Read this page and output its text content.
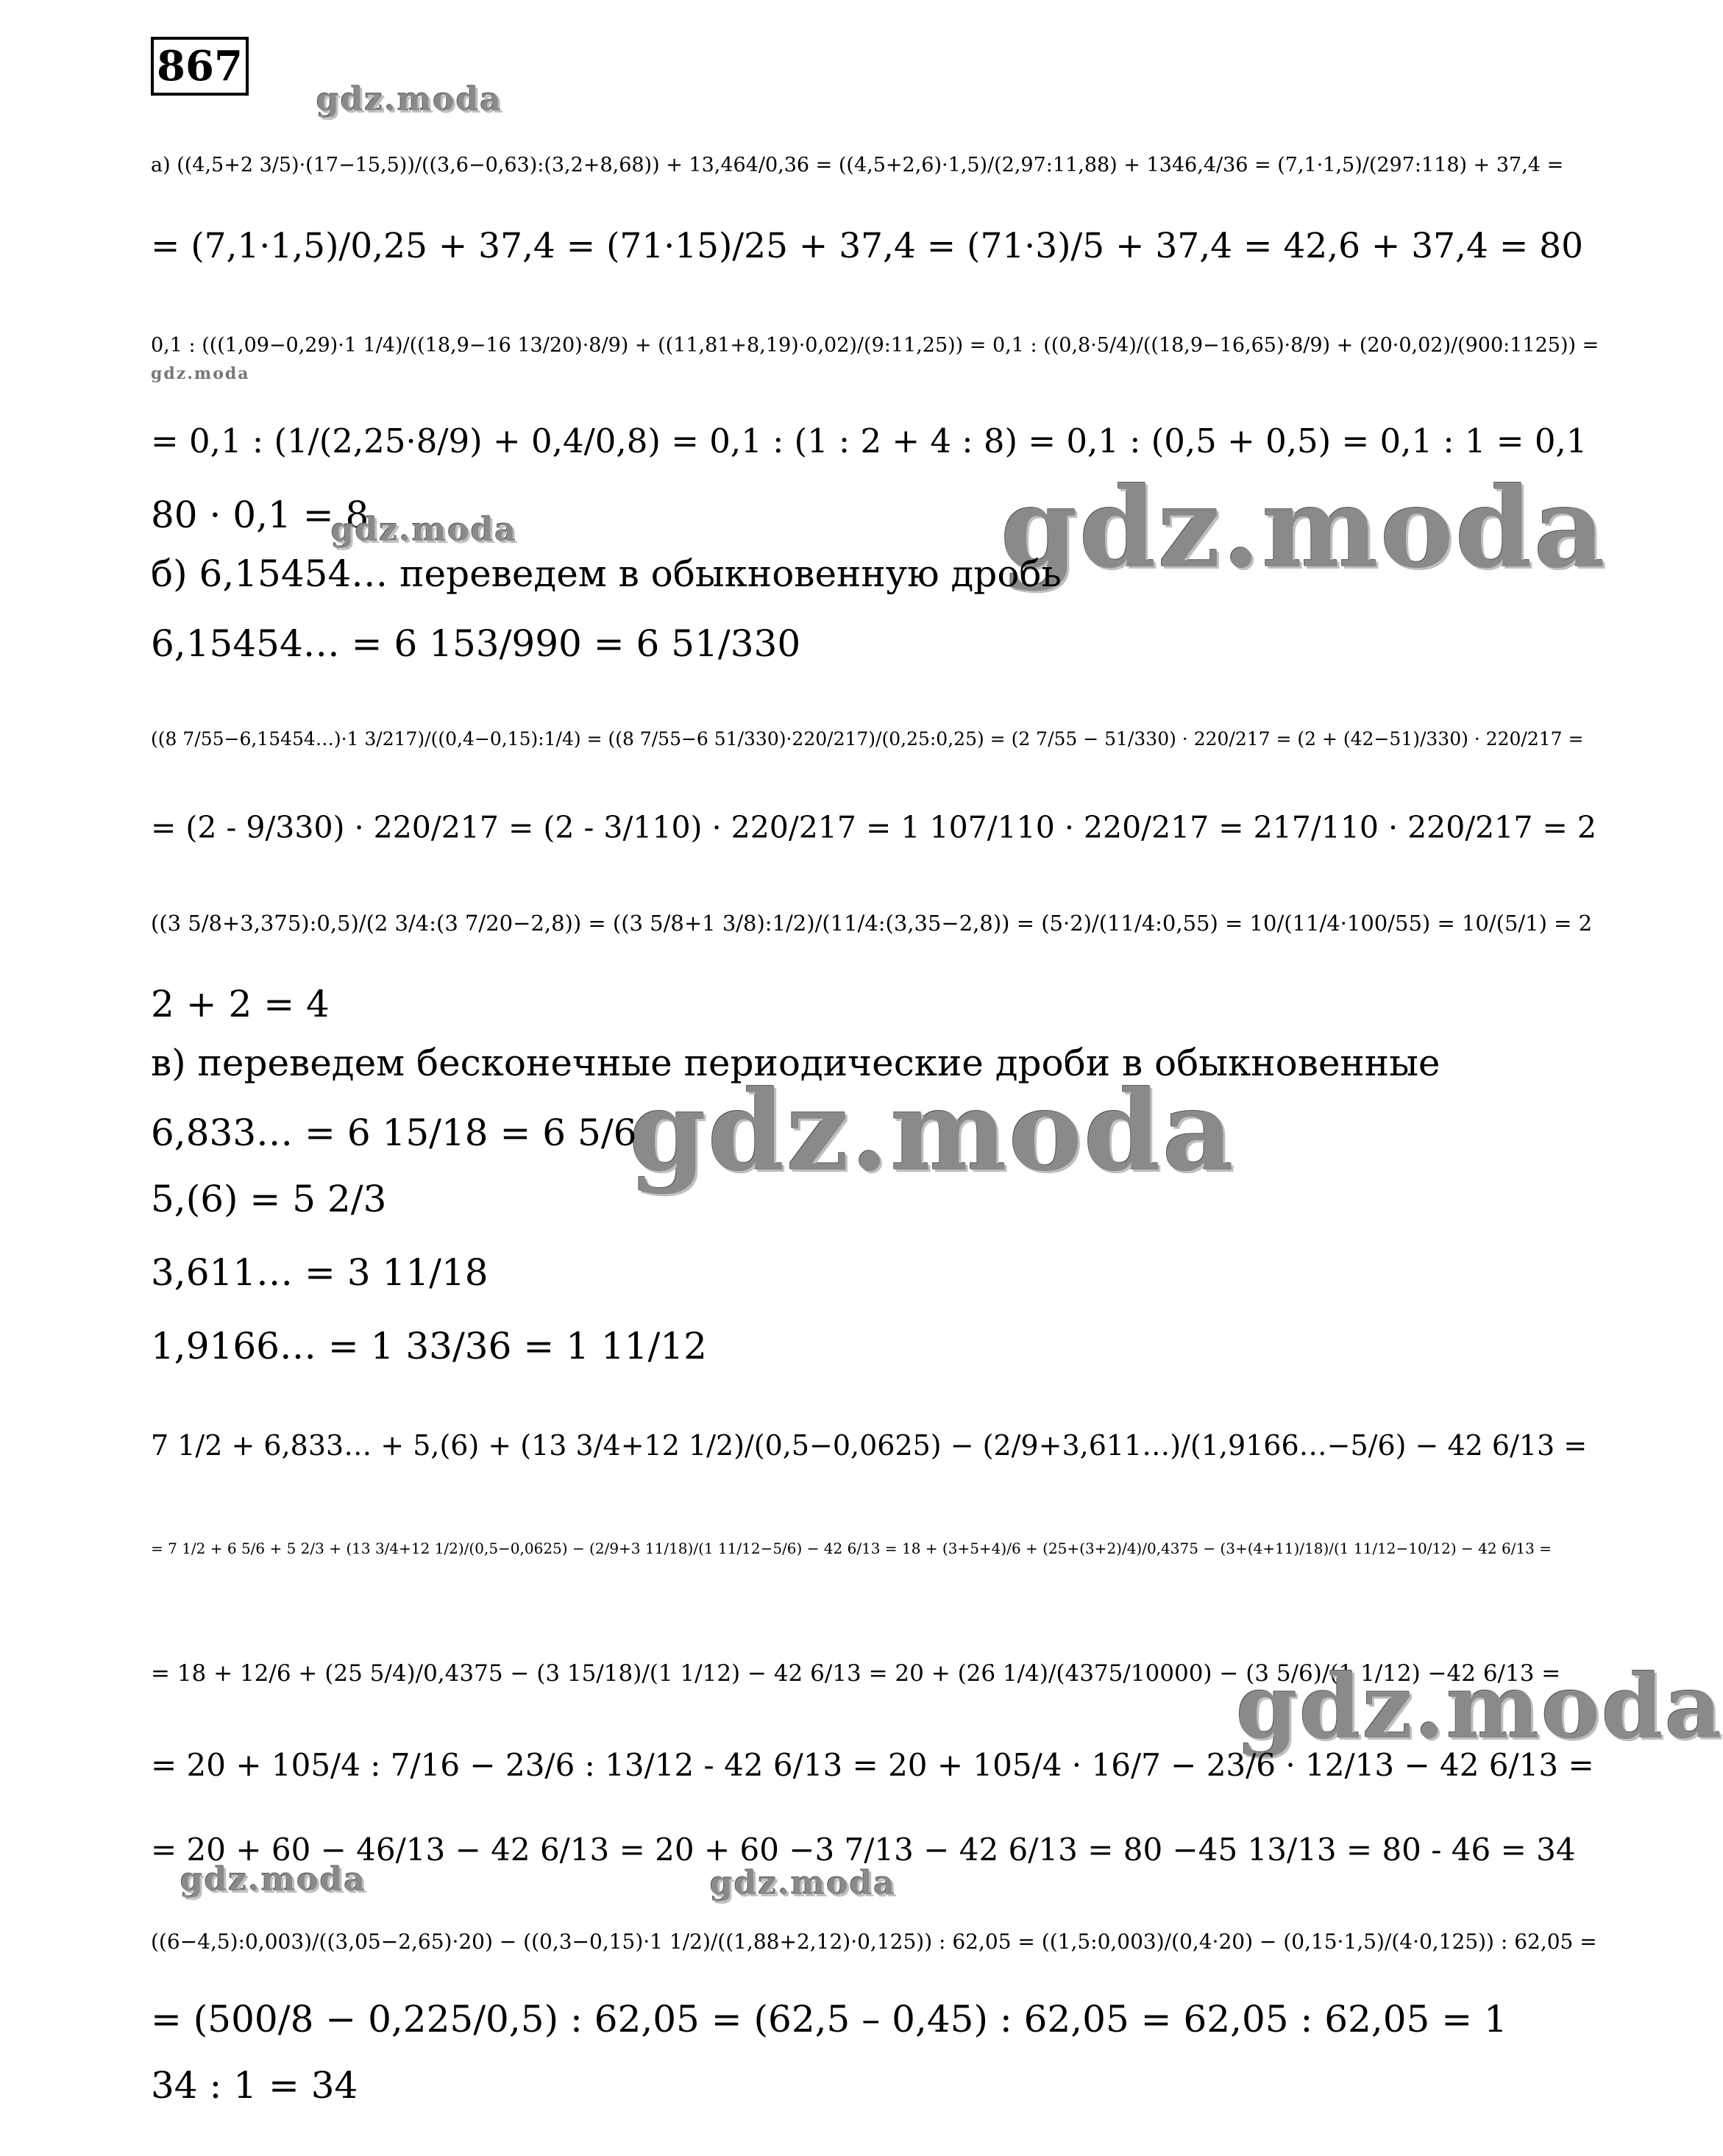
867
gdz.moda
а) ((4,5+2 3/5)·(17−15,5))/((3,6−0,63):(3,2+8,68)) + 13,464/0,36 = ((4,5+2,6)·1,5)/(2,97:11,88) + 1346,4/36 = (7,1·1,5)/(297:118) + 37,4 =
= (7,1·1,5)/0,25 + 37,4 = (71·15)/25 + 37,4 = (71·3)/5 + 37,4 = 42,6 + 37,4 = 80
0,1 : (((1,09−0,29)·1 1/4)/((18,9−16 13/20)·8/9) + ((11,81+8,19)·0,02)/(9:11,25)) = 0,1 : ((0,8·5/4)/((18,9−16,65)·8/9) + (20·0,02)/(900:1125)) =
= 0,1 : (1/(2,25·8/9) + 0,4/0,8) = 0,1 : (1 : 2 + 4 : 8) = 0,1 : (0,5 + 0,5) = 0,1 : 1 = 0,1
80 · 0,1 = 8	gdz.moda
gdz.moda
б) 6,15454… переведем в обыкновенную дробь
6,15454… = 6 153/990 = 6 51/330
((8 7/55−6,15454…)·1 3/217)/((0,4−0,15):1/4) = ((8 7/55−6 51/330)·220/217)/(0,25:0,25) = (2 7/55 − 51/330) · 220/217 = (2 + (42−51)/330) · 220/217 =
= (2 - 9/330) · 220/217 = (2 - 3/110) · 220/217 = 1 107/110 · 220/217 = 217/110 · 220/217 = 2
((3 5/8+3,375):0,5)/(2 3/4:(3 7/20−2,8)) = ((3 5/8+1 3/8):1/2)/(11/4:(3,35−2,8)) = (5·2)/(11/4:0,55) = 10/(11/4·100/55) = 10/(5/1) = 2
2 + 2 = 4
в) переведем бесконечные периодические дроби в обыкновенные
gdz.moda
6,833… = 6 15/18 = 6 5/6
5,(6) = 5 2/3
3,611… = 3 11/18
1,9166… = 1 33/36 = 1 11/12
7 1/2 + 6,833… + 5,(6) + (13 3/4+12 1/2)/(0,5−0,0625) − (2/9+3,611…)/(1,9166…−5/6) − 42 6/13 =
= 7 1/2 + 6 5/6 + 5 2/3 + (13 3/4+12 1/2)/(0,5−0,0625) − (2/9+3 11/18)/(1 11/12−5/6) − 42 6/13 = 18 + (3+5+4)/6 + (25+(3+2)/4)/0,4375 − (3+(4+11)/18)/(1 11/12−10/12) − 42 6/13 =
= 18 + 12/6 + (25 5/4)/0,4375 − (3 15/18)/(1 1/12) − 42 6/13 = 20 + (26 1/4)/(4375/10000) − (3 5/6)/(1 1/12) −42 6/13 =
gdz.moda
= 20 + 105/4 : 7/16 − 23/6 : 13/12 - 42 6/13 = 20 + 105/4 · 16/7 − 23/6 · 12/13 − 42 6/13 =
= 20 + 60 − 46/13 − 42 6/13 = 20 + 60 −3 7/13 − 42 6/13 = 80 −45 13/13 = 80 - 46 = 34
gdz.moda	gdz.moda
((6−4,5):0,003)/((3,05−2,65)·20) − ((0,3−0,15)·1 1/2)/((1,88+2,12)·0,125)) : 62,05 = ((1,5:0,003)/(0,4·20) − (0,15·1,5)/(4·0,125)) : 62,05 =
= (500/8 − 0,225/0,5) : 62,05 = (62,5 – 0,45) : 62,05 = 62,05 : 62,05 = 1
34 : 1 = 34
gdz.moda
